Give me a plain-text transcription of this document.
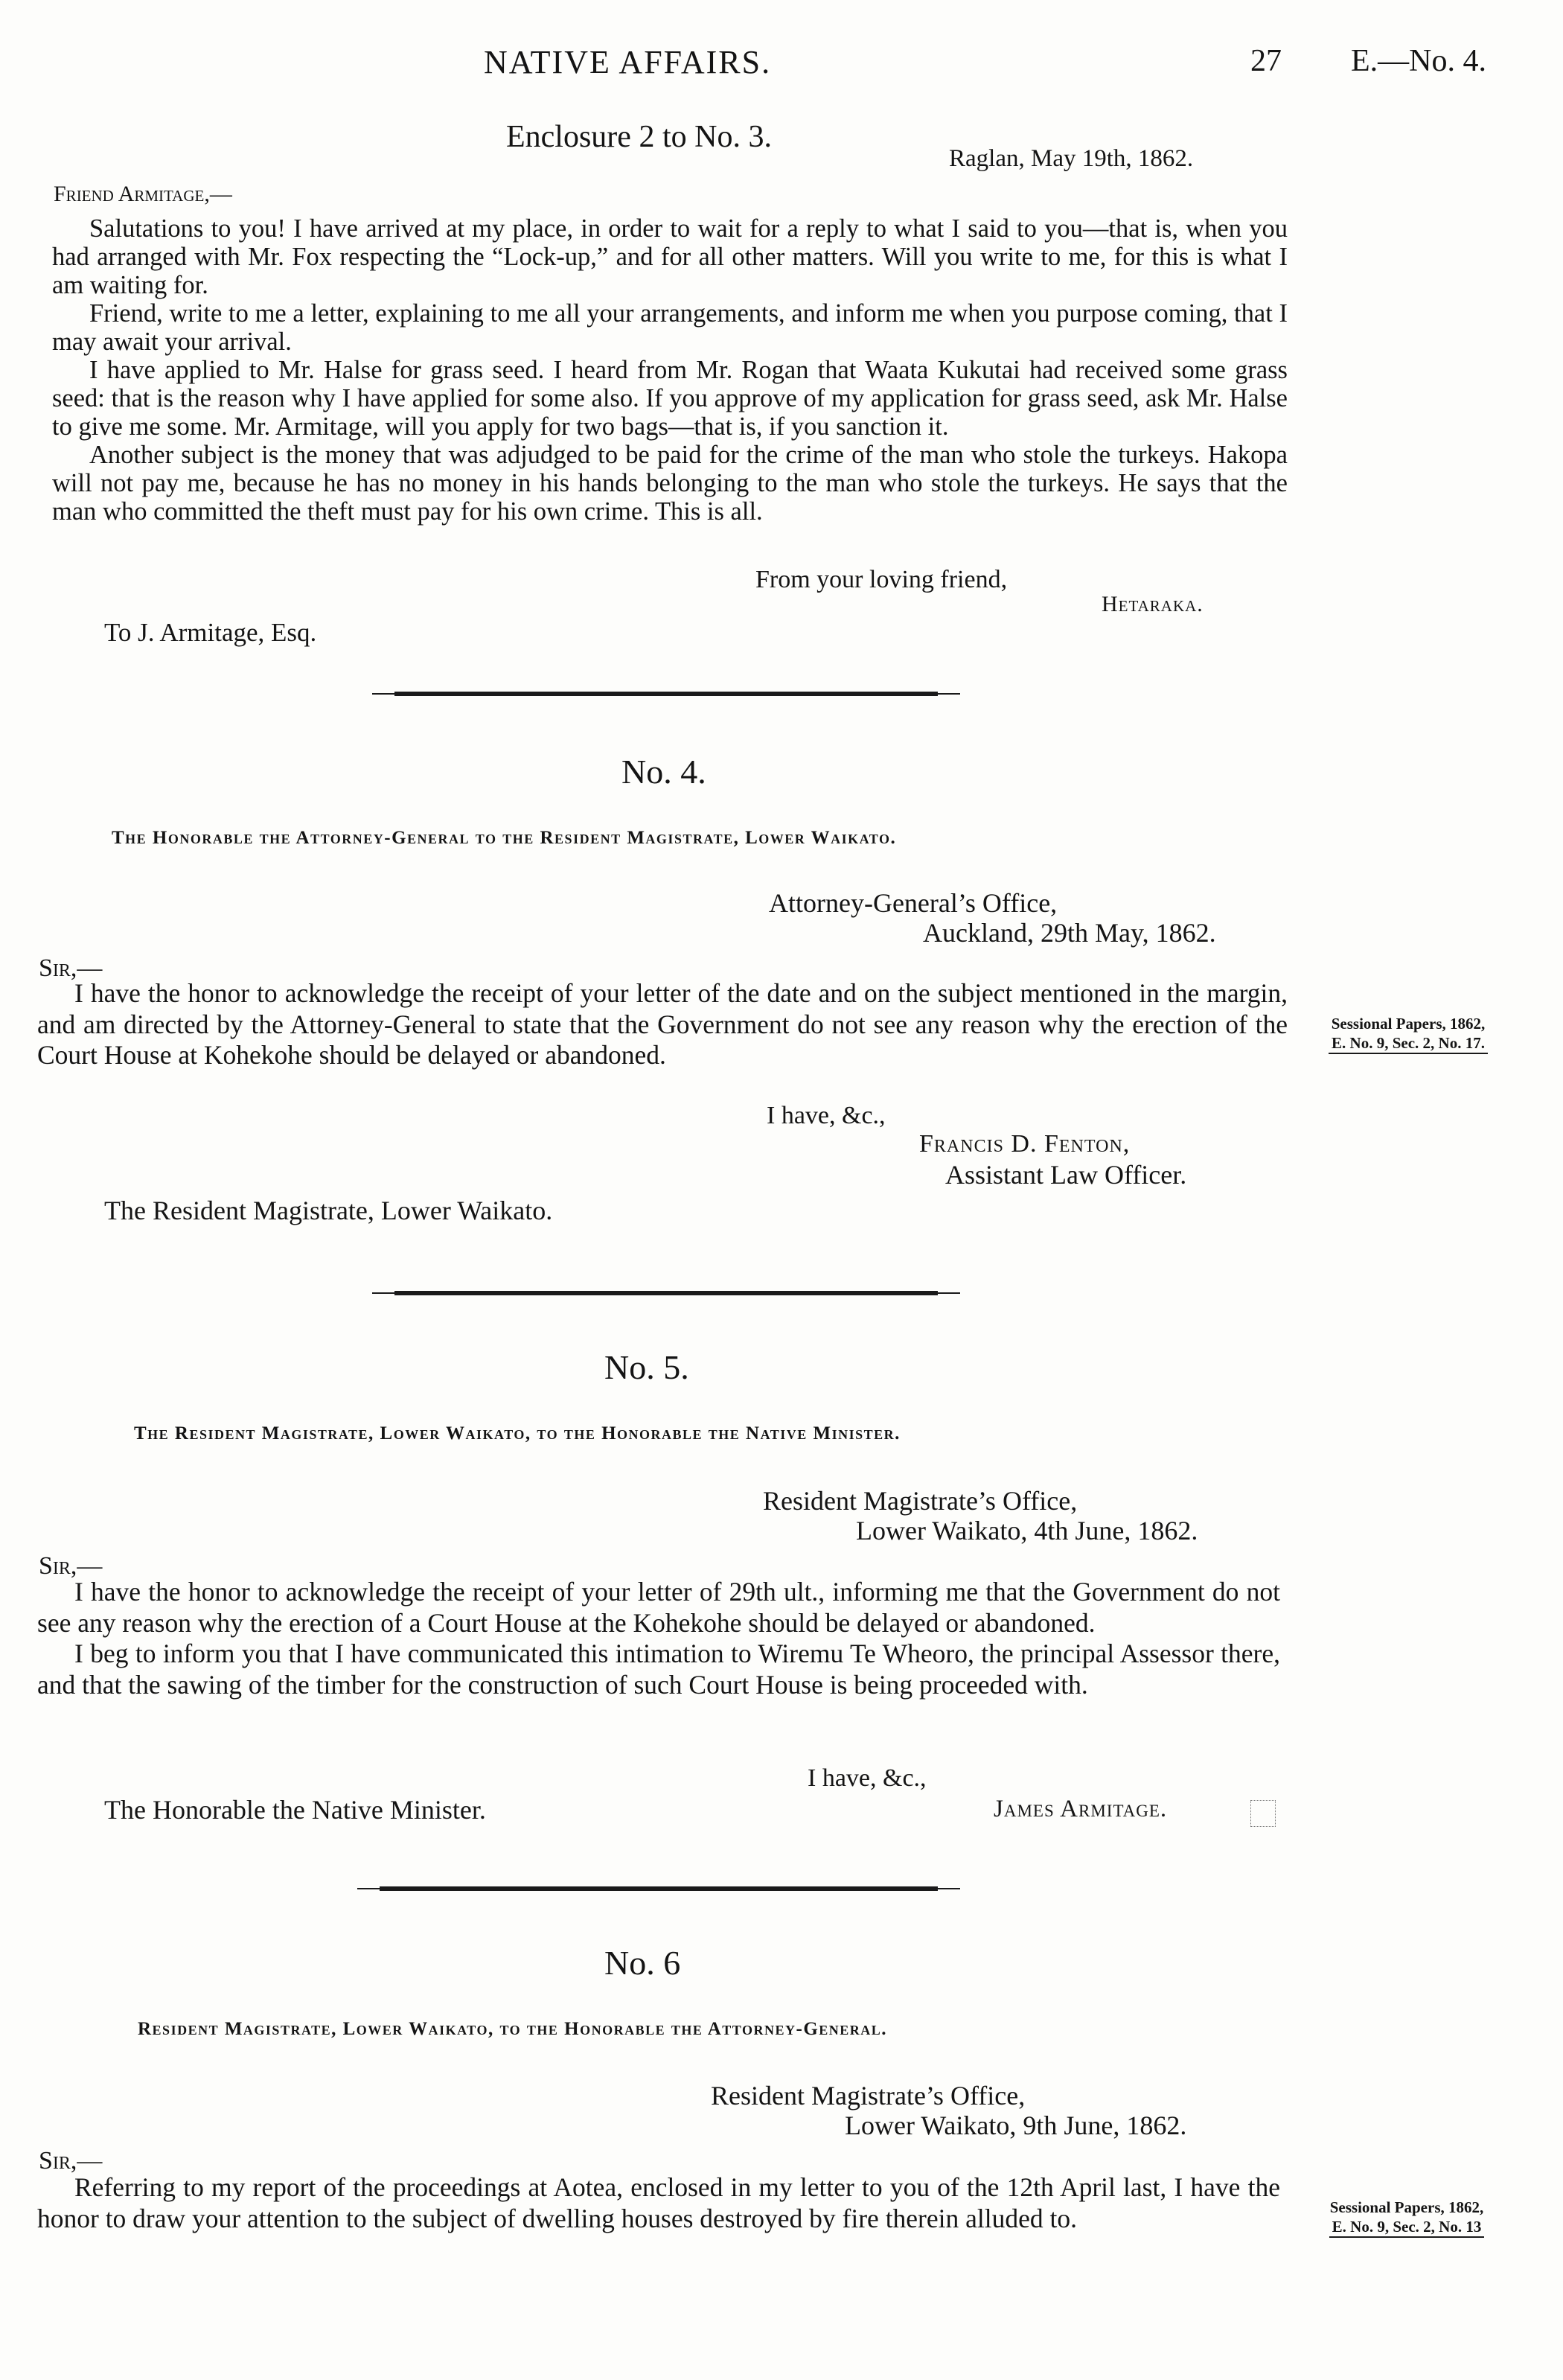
NATIVE AFFAIRS.	27 E.—No. 4.
Enclosure 2 to No. 3.
Raglan, May 19th, 1862.
Friend Armitage,—

Salutations to you! I have arrived at my place, in order to wait for a reply to what I said to you—that is, when you had arranged with Mr. Fox respecting the “Lock-up,” and for all other matters. Will you write to me, for this is what I am waiting for.

Friend, write to me a letter, explaining to me all your arrangements, and inform me when you purpose coming, that I may await your arrival.

I have applied to Mr. Halse for grass seed. I heard from Mr. Rogan that Waata Kukutai had received some grass seed: that is the reason why I have applied for some also. If you approve of my application for grass seed, ask Mr. Halse to give me some. Mr. Armitage, will you apply for two bags—that is, if you sanction it.

Another subject is the money that was adjudged to be paid for the crime of the man who stole the turkeys. Hakopa will not pay me, because he has no money in his hands belonging to the man who stole the turkeys. He says that the man who committed the theft must pay for his own crime. This is all.

From your loving friend,
Hetaraka.
To J. Armitage, Esq.
No. 4.
The Honorable the Attorney-General to the Resident Magistrate, Lower Waikato.
Attorney-General’s Office,
Auckland, 29th May, 1862.
Sir,—

I have the honor to acknowledge the receipt of your letter of the date and on the subject mentioned in the margin, and am directed by the Attorney-General to state that the Government do not see any reason why the erection of the Court House at Kohekohe should be delayed or abandoned.

Sessional Papers, 1862,
E. No. 9, Sec. 2, No. 17.
I have, &c.,
Francis D. Fenton,
Assistant Law Officer.
The Resident Magistrate, Lower Waikato.
No. 5.
The Resident Magistrate, Lower Waikato, to the Honorable the Native Minister.
Resident Magistrate’s Office,
Lower Waikato, 4th June, 1862.
Sir,—

I have the honor to acknowledge the receipt of your letter of 29th ult., informing me that the Government do not see any reason why the erection of a Court House at the Kohekohe should be delayed or abandoned.

I beg to inform you that I have communicated this intimation to Wiremu Te Wheoro, the principal Assessor there, and that the sawing of the timber for the construction of such Court House is being proceeded with.

I have, &c.,
The Honorable the Native Minister.	James Armitage.
No. 6
Resident Magistrate, Lower Waikato, to the Honorable the Attorney-General.
Resident Magistrate’s Office,
Lower Waikato, 9th June, 1862.
Sir,—

Referring to my report of the proceedings at Aotea, enclosed in my letter to you of the 12th April last, I have the honor to draw your attention to the subject of dwelling houses destroyed by fire therein alluded to.	Sessional Papers, 1862,
E. No. 9, Sec. 2, No. 13
